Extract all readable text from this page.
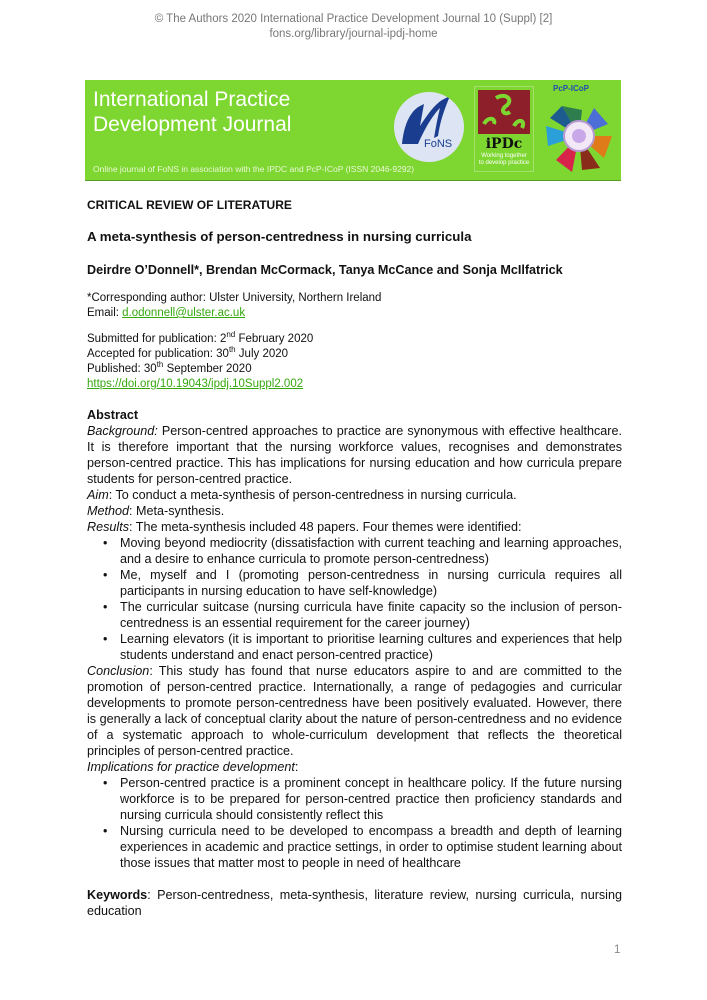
© The Authors 2020 International Practice Development Journal 10 (Suppl) [2]
fons.org/library/journal-ipdj-home
International Practice
Development Journal
Online journal of FoNS in association with the IPDC and PcP-ICoP (ISSN 2046-9292)
FoNS	iPDc
Working together
to develop practice
PcP-ICoP
CRITICAL REVIEW OF LITERATURE
A meta-synthesis of person-centredness in nursing curricula
Deirdre O’Donnell*, Brendan McCormack, Tanya McCance and Sonja McIlfatrick
*Corresponding author: Ulster University, Northern Ireland
Email: d.odonnell@ulster.ac.uk
Submitted for publication: 2nd February 2020
Accepted for publication: 30th July 2020
Published: 30th September 2020
https://doi.org/10.19043/ipdj.10Suppl2.002
Abstract
Background: Person-centred approaches to practice are synonymous with effective healthcare. It is therefore important that the nursing workforce values, recognises and demonstrates person-centred practice. This has implications for nursing education and how curricula prepare students for person-centred practice.
Aim: To conduct a meta-synthesis of person-centredness in nursing curricula.
Method: Meta-synthesis.
Results: The meta-synthesis included 48 papers. Four themes were identified:
• Moving beyond mediocrity (dissatisfaction with current teaching and learning approaches, and a desire to enhance curricula to promote person-centredness)
• Me, myself and I (promoting person-centredness in nursing curricula requires all participants in nursing education to have self-knowledge)
• The curricular suitcase (nursing curricula have finite capacity so the inclusion of person-centredness is an essential requirement for the career journey)
• Learning elevators (it is important to prioritise learning cultures and experiences that help students understand and enact person-centred practice)
Conclusion: This study has found that nurse educators aspire to and are committed to the promotion of person-centred practice. Internationally, a range of pedagogies and curricular developments to promote person-centredness have been positively evaluated. However, there is generally a lack of conceptual clarity about the nature of person-centredness and no evidence of a systematic approach to whole-curriculum development that reflects the theoretical principles of person-centred practice.
Implications for practice development:
• Person-centred practice is a prominent concept in healthcare policy. If the future nursing workforce is to be prepared for person-centred practice then proficiency standards and nursing curricula should consistently reflect this
• Nursing curricula need to be developed to encompass a breadth and depth of learning experiences in academic and practice settings, in order to optimise student learning about those issues that matter most to people in need of healthcare
Keywords: Person-centredness, meta-synthesis, literature review, nursing curricula, nursing education
1
